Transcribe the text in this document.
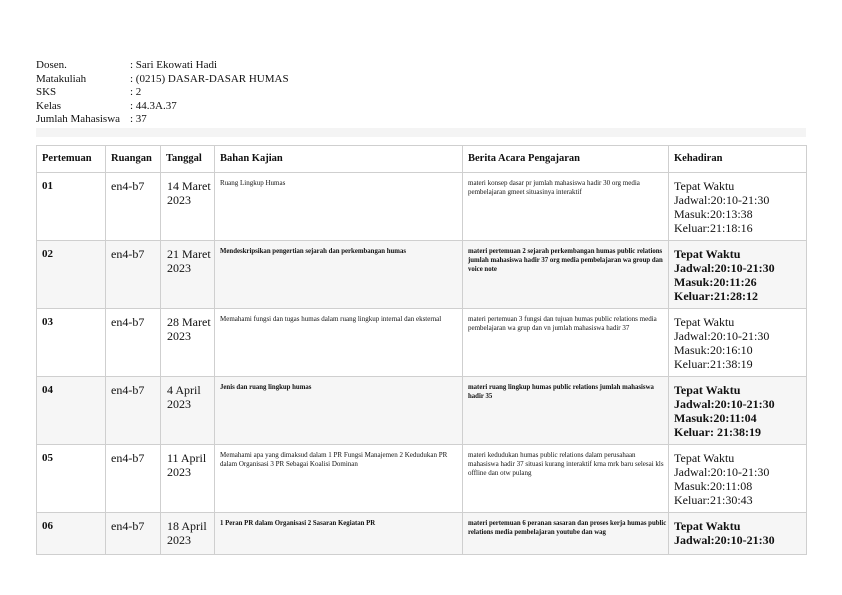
Dosen.	: Sari Ekowati Hadi
Matakuliah	: (0215) DASAR-DASAR HUMAS
SKS	: 2
Kelas	: 44.3A.37
Jumlah Mahasiswa : 37
Pertemuan	Ruangan	Tanggal	Bahan Kajian	Berita Acara Pengajaran	Kehadiran
01	en4-b7	14 Maret 2023	Ruang Lingkup Humas	materi konsep dasar pr jumlah mahasiswa hadir 30 org media pembelajaran gmeet situasinya interaktif	Tepat Waktu
Jadwal:20:10-21:30
Masuk:20:13:38
Keluar:21:18:16

02	en4-b7	21 Maret 2023	Mendeskripsikan pengertian sejarah dan perkembangan humas	materi pertemuan 2 sejarah perkembangan humas public relations jumlah mahasiswa hadir 37 org media pembelajaran wa group dan voice note	Tepat Waktu
Jadwal:20:10-21:30
Masuk:20:11:26
Keluar:21:28:12

03	en4-b7	28 Maret 2023	Memahami fungsi dan tugas humas dalam ruang lingkup internal dan eksternal	materi pertemuan 3 fungsi dan tujuan humas public relations media pembelajaran wa grup dan vn jumlah mahasiswa hadir 37	Tepat Waktu
Jadwal:20:10-21:30
Masuk:20:16:10
Keluar:21:38:19

04	en4-b7	4 April 2023	Jenis dan ruang lingkup humas	materi ruang lingkup humas public relations jumlah mahasiswa hadir 35	Tepat Waktu
Jadwal:20:10-21:30
Masuk:20:11:04
Keluar: 21:38:19

05	en4-b7	11 April 2023	Memahami apa yang dimaksud dalam 1 PR Fungsi Manajemen 2 Kedudukan PR dalam Organisasi 3 PR Sebagai Koalisi Dominan	materi kedudukan humas public relations dalam perusahaan mahasiswa hadir 37 situasi kurang interaktif krna mrk baru selesai kls offline dan otw pulang	Tepat Waktu
Jadwal:20:10-21:30
Masuk:20:11:08
Keluar:21:30:43

06	en4-b7	18 April 2023	1 Peran PR dalam Organisasi 2 Sasaran Kegiatan PR	materi pertemuan 6 peranan sasaran dan proses kerja humas public relations media pembelajaran youtube dan wag	Tepat Waktu
Jadwal:20:10-21:30
